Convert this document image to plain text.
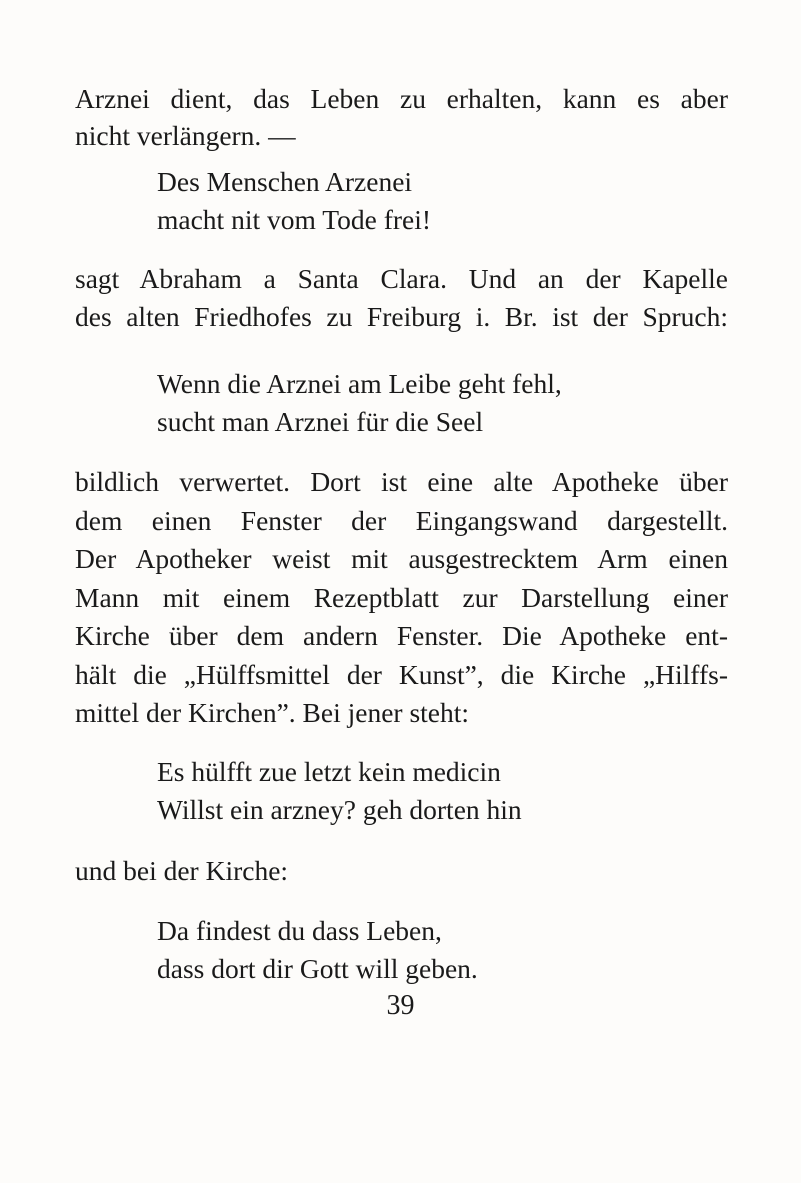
Arznei dient, das Leben zu erhalten, kann es aber
nicht verlängern. —
Des Menschen Arzenei
macht nit vom Tode frei!
sagt Abraham a Santa Clara. Und an der Kapelle
des alten Friedhofes zu Freiburg i. Br. ist der Spruch:
Wenn die Arznei am Leibe geht fehl,
sucht man Arznei für die Seel
bildlich verwertet. Dort ist eine alte Apotheke über
dem einen Fenster der Eingangswand dargestellt.
Der Apotheker weist mit ausgestrecktem Arm einen
Mann mit einem Rezeptblatt zur Darstellung einer
Kirche über dem andern Fenster. Die Apotheke ent-
hält die „Hülffsmittel der Kunst”, die Kirche „Hilffs-
mittel der Kirchen”. Bei jener steht:
Es hülfft zue letzt kein medicin
Willst ein arzney? geh dorten hin
und bei der Kirche:
Da findest du dass Leben,
dass dort dir Gott will geben.
39
